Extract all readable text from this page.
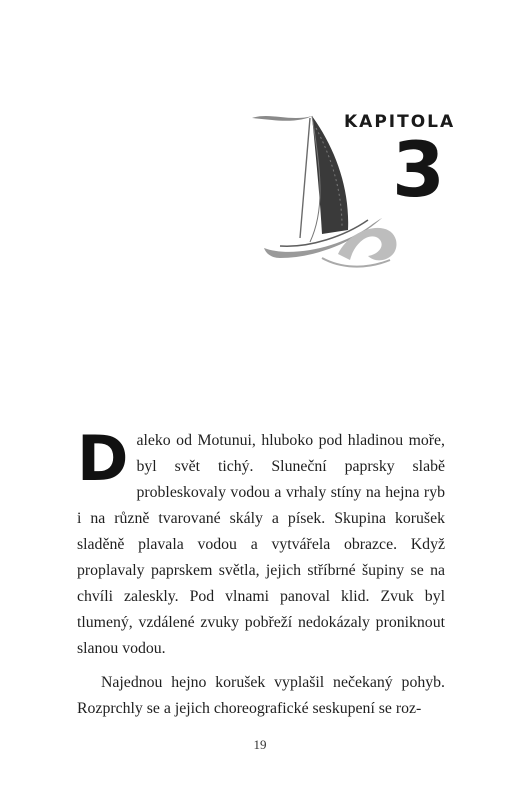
KAPITOLA
3

Daleko od Motunui, hluboko pod hladinou moře, byl svět tichý. Sluneční paprsky slabě probleskovaly vodou a vrhaly stíny na hejna ryb i na různě tvarované skály a písek. Skupina korušek sladěně plavala vodou a vytvářela obrazce. Když proplavaly paprskem světla, jejich stříbrné šupiny se na chvíli zaleskly. Pod vlnami panoval klid. Zvuk byl tlumený, vzdálené zvuky pobřeží nedokázaly proniknout slanou vodou.

Najednou hejno korušek vyplašil nečekaný pohyb. Rozprchly se a jejich choreografické seskupení se roz-

19
